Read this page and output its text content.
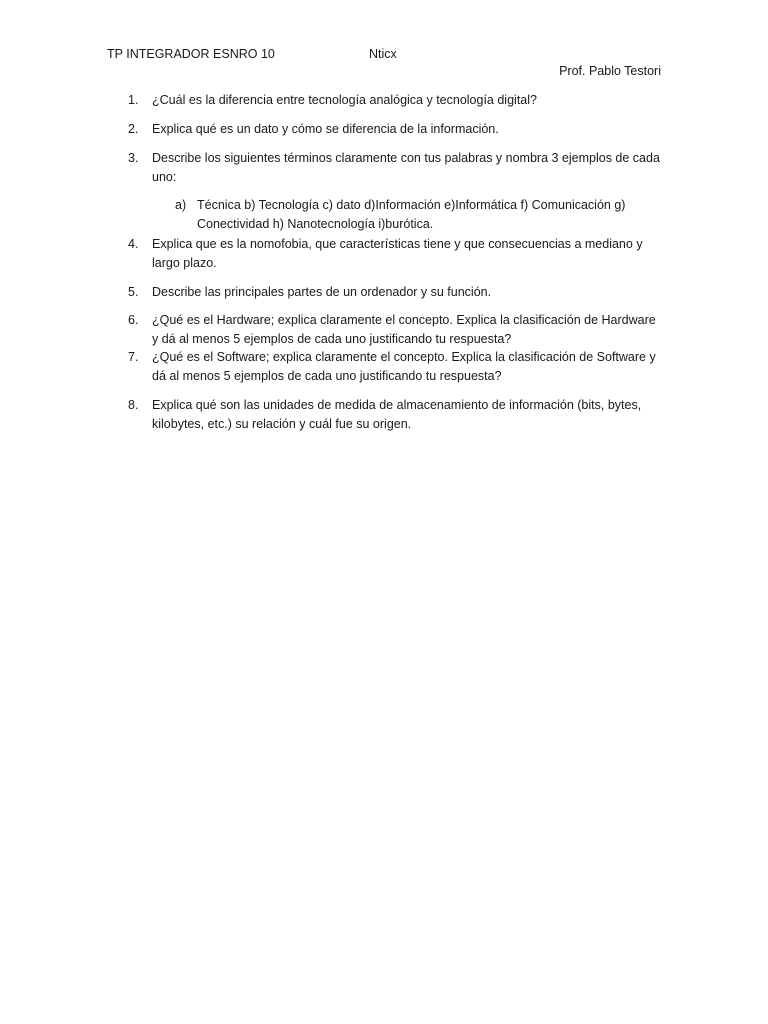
TP INTEGRADOR ESNRO 10	Nticx
Prof. Pablo Testori
1.	¿Cuál es la diferencia entre tecnología analógica y tecnología digital?
2.	Explica qué es un dato y cómo se diferencia de la información.
3.	Describe los siguientes términos claramente con tus palabras y nombra 3 ejemplos de cada uno:
a) Técnica b) Tecnología c) dato d)Información e)Informática f) Comunicación g) Conectividad h) Nanotecnología i)burótica.
4.	Explica que es la nomofobia, que características tiene y que consecuencias a mediano y largo plazo.
5.	Describe las principales partes de un ordenador y su función.
6.	¿Qué es el Hardware; explica claramente el concepto. Explica la clasificación de Hardware y dá al menos 5 ejemplos de cada uno justificando tu respuesta?
7.	¿Qué es el Software; explica claramente el concepto. Explica la clasificación de Software y dá al menos 5 ejemplos de cada uno justificando tu respuesta?
8.	Explica qué son las unidades de medida de almacenamiento de información (bits, bytes, kilobytes, etc.) su relación y cuál fue su origen.
